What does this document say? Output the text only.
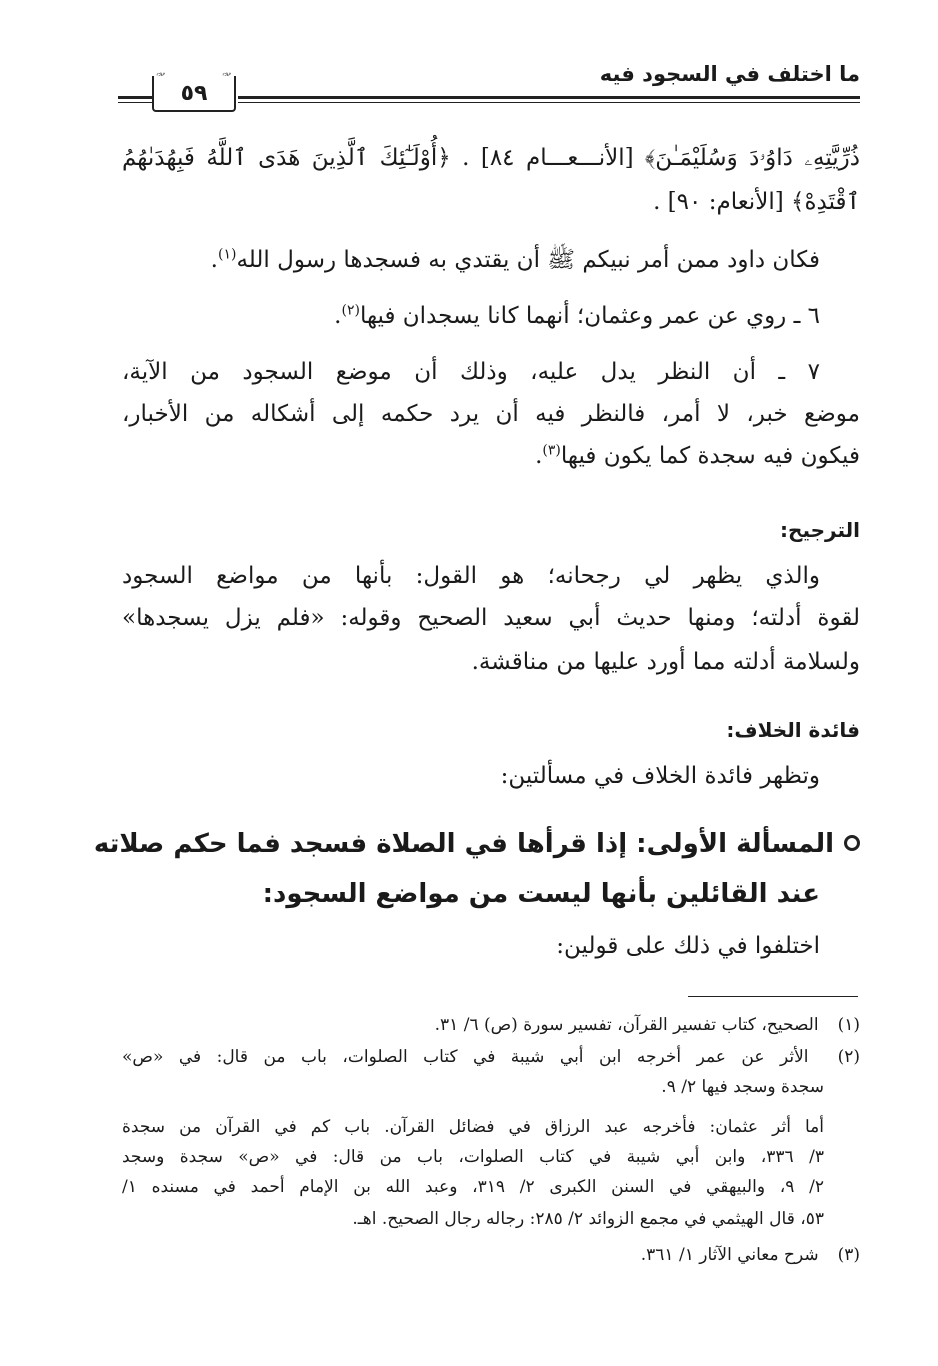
ما اختلف في السجود فيه
٥٩
ذُرِّيَّتِهِۦ دَاوُۥدَ وَسُلَيْمَـٰنَ﴾ [الأنـــعـــام ٨٤] . ﴿أُوْلَـٰٓئِكَ ٱلَّذِينَ هَدَى ٱللَّهُ فَبِهُدَىٰهُمُ
ٱقْتَدِهْ﴾ [الأنعام: ٩٠] .
فكان داود ممن أمر نبيكم ﷺ أن يقتدي به فسجدها رسول الله$^{(١)}$.
٦ ـ روي عن عمر وعثمان؛ أنهما كانا يسجدان فيها$^{(٢)}$.
٧ ـ أن النظر يدل عليه، وذلك أن موضع السجود من الآية،
موضع خبر، لا أمر، فالنظر فيه أن يرد حكمه إلى أشكاله من الأخبار،
فيكون فيه سجدة كما يكون فيها$^{(٣)}$.
الترجيح:
والذي يظهر لي رجحانه؛ هو القول: بأنها من مواضع السجود
لقوة أدلته؛ ومنها حديث أبي سعيد الصحيح وقوله: «فلم يزل يسجدها»
ولسلامة أدلته مما أورد عليها من مناقشة.
فائدة الخلاف:
وتظهر فائدة الخلاف في مسألتين:
المسألة الأولى: إذا قرأها في الصلاة فسجد فما حكم صلاته
عند القائلين بأنها ليست من مواضع السجود:
اختلفوا في ذلك على قولين:
(١) الصحيح، كتاب تفسير القرآن، تفسير سورة (ص) ٦/ ٣١.
(٢) الأثر عن عمر أخرجه ابن أبي شيبة في كتاب الصلوات، باب من قال: في «ص»
سجدة وسجد فيها ٢/ ٩.
أما أثر عثمان: فأخرجه عبد الرزاق في فضائل القرآن. باب كم في القرآن من سجدة
٣/ ٣٣٦، وابن أبي شيبة في كتاب الصلوات، باب من قال: في «ص» سجدة وسجد
٢/ ٩، والبيهقي في السنن الكبرى ٢/ ٣١٩، وعبد الله بن الإمام أحمد في مسنده ١/
٥٣، قال الهيثمي في مجمع الزوائد ٢/ ٢٨٥: رجاله رجال الصحيح. اهـ.
(٣) شرح معاني الآثار ١/ ٣٦١.
